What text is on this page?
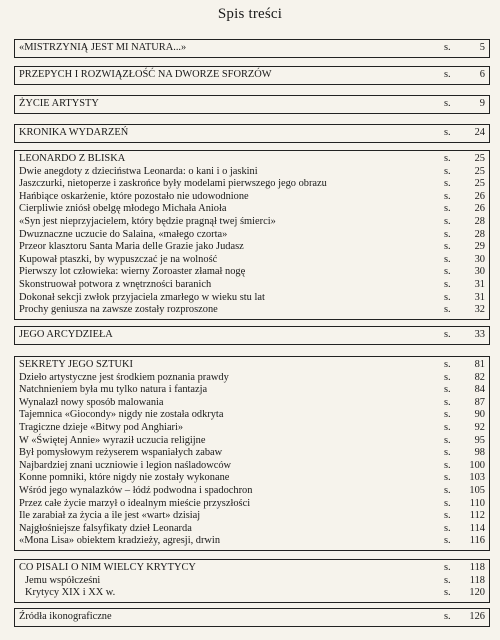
Spis treści
«MISTRZYNIĄ JEST MI NATURA...»	s.	5
PRZEPYCH I ROZWIĄZŁOŚĆ NA DWORZE SFORZÓW	s.	6
ŻYCIE ARTYSTY	s.	9
KRONIKA WYDARZEŃ	s. 24
LEONARDO Z BLISKA	s. 25
Dwie anegdoty z dzieciństwa Leonarda: o kani i o jaskini	s. 25
Jaszczurki, nietoperze i zaskrońce były modelami pierwszego jego obrazu	s. 25
Hańbiące oskarżenie, które pozostało nie udowodnione	s. 26
Cierpliwie zniósł obelgę młodego Michała Anioła	s. 26
«Syn jest nieprzyjacielem, który będzie pragnął twej śmierci»	s. 28
Dwuznaczne uczucie do Salaina, «małego czorta»	s. 28
Przeor klasztoru Santa Maria delle Grazie jako Judasz	s. 29
Kupował ptaszki, by wypuszczać je na wolność	s. 30
Pierwszy lot człowieka: wierny Zoroaster złamał nogę	s. 30
Skonstruował potwora z wnętrzności baranich	s. 31
Dokonał sekcji zwłok przyjaciela zmarłego w wieku stu lat	s. 31
Prochy geniusza na zawsze zostały rozproszone	s. 32
JEGO ARCYDZIEŁA	s. 33
SEKRETY JEGO SZTUKI	s. 81
Dzieło artystyczne jest środkiem poznania prawdy	s. 82
Natchnieniem była mu tylko natura i fantazja	s. 84
Wynalazł nowy sposób malowania	s. 87
Tajemnica «Giocondy» nigdy nie została odkryta	s. 90
Tragiczne dzieje «Bitwy pod Anghiari»	s. 92
W «Świętej Annie» wyraził uczucia religijne	s. 95
Był pomysłowym reżyserem wspaniałych zabaw	s. 98
Najbardziej znani uczniowie i legion naśladowców	s. 100
Konne pomniki, które nigdy nie zostały wykonane	s. 103
Wśród jego wynalazków – łódź podwodna i spadochron	s. 105
Przez całe życie marzył o idealnym mieście przyszłości	s. 110
Ile zarabiał za życia a ile jest «wart» dzisiaj	s. 112
Najgłośniejsze falsyfikaty dzieł Leonarda	s. 114
«Mona Lisa» obiektem kradzieży, agresji, drwin	s. 116
CO PISALI O NIM WIELCY KRYTYCY	s. 118
Jemu współcześni	s. 118
Krytycy XIX i XX w.	s. 120
Źródła ikonograficzne	s. 126
